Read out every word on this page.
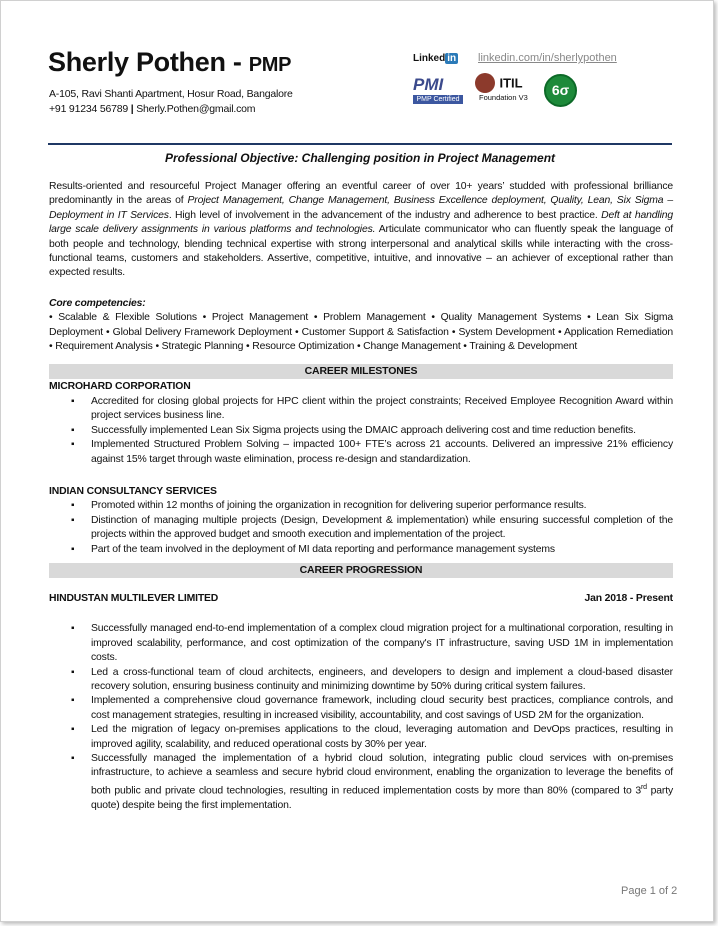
Sherly Pothen - PMP
A-105, Ravi Shanti Apartment, Hosur Road, Bangalore
+91 91234 56789 | Sherly.Pothen@gmail.com
Linked in linkedin.com/in/sherlypothen
PMI
PMP Certified
ITIL
Foundation V3	6σ
Professional Objective: Challenging position in Project Management

Results-oriented and resourceful Project Manager offering an eventful career of over 10+ years’ studded with professional brilliance predominantly in the areas of Project Management, Change Management, Business Excellence deployment, Quality, Lean, Six Sigma – Deployment in IT Services. High level of involvement in the advancement of the industry and adherence to best practice. Deft at handling large scale delivery assignments in various platforms and technologies. Articulate communicator who can fluently speak the language of both people and technology, blending technical expertise with strong interpersonal and analytical skills while interacting with the cross-functional teams, customers and stakeholders. Assertive, competitive, intuitive, and innovative – an achiever of exceptional rather than expected results.

Core competencies:

• Scalable & Flexible Solutions • Project Management • Problem Management • Quality Management Systems • Lean Six Sigma Deployment • Global Delivery Framework Deployment • Customer Support & Satisfaction • System Development • Application Remediation • Requirement Analysis • Strategic Planning • Resource Optimization • Change Management • Training & Development

CAREER MILESTONES
MICROHARD CORPORATION
▪ Accredited for closing global projects for HPC client within the project constraints; Received Employee Recognition Award within project services business line.
▪ Successfully implemented Lean Six Sigma projects using the DMAIC approach delivering cost and time reduction benefits.
▪ Implemented Structured Problem Solving – impacted 100+ FTE’s across 21 accounts. Delivered an impressive 21% efficiency against 15% target through waste elimination, process re-design and standardization.
INDIAN CONSULTANCY SERVICES
▪ Promoted within 12 months of joining the organization in recognition for delivering superior performance results.
▪ Distinction of managing multiple projects (Design, Development & implementation) while ensuring successful completion of the projects within the approved budget and smooth execution and implementation of the project.
▪ Part of the team involved in the deployment of MI data reporting and performance management systems
CAREER PROGRESSION
HINDUSTAN MULTILEVER LIMITED	Jan 2018 - Present
▪ Successfully managed end-to-end implementation of a complex cloud migration project for a multinational corporation, resulting in improved scalability, performance, and cost optimization of the company's IT infrastructure, saving USD 1M in implementation costs.
▪ Led a cross-functional team of cloud architects, engineers, and developers to design and implement a cloud-based disaster recovery solution, ensuring business continuity and minimizing downtime by 50% during critical system failures.
▪ Implemented a comprehensive cloud governance framework, including cloud security best practices, compliance controls, and cost management strategies, resulting in increased visibility, accountability, and cost savings of USD 2M for the organization.
▪ Led the migration of legacy on-premises applications to the cloud, leveraging automation and DevOps practices, resulting in improved agility, scalability, and reduced operational costs by 30% per year.
▪ Successfully managed the implementation of a hybrid cloud solution, integrating public cloud services with on-premises infrastructure, to achieve a seamless and secure hybrid cloud environment, enabling the organization to leverage the benefits of both public and private cloud technologies, resulting in reduced implementation costs by more than 80% (compared to 3rd party quote) despite being the first implementation.
Page 1 of 2
